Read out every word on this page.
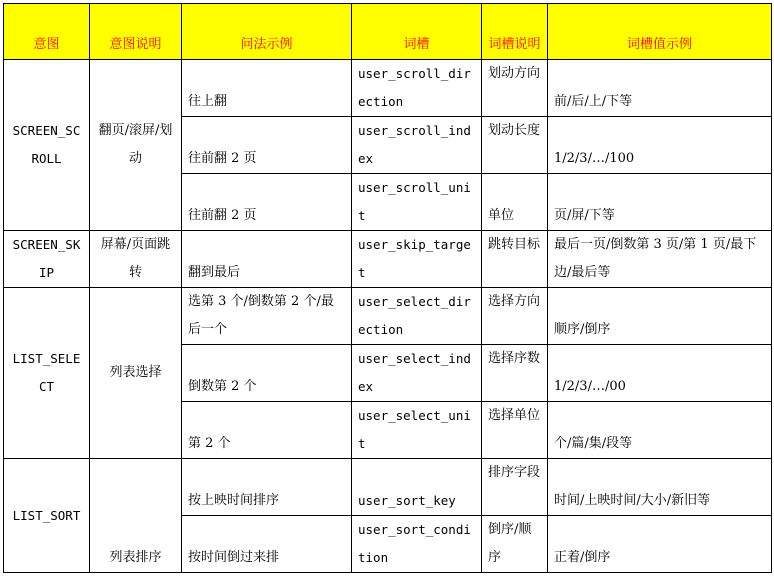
意图	意图说明	问法示例	词槽	词槽说明	词槽值示例
SCREEN_SCROLL	翻页/滚屏/划动	往上翻	user_scroll_direction	划动方向	前/后/上/下等
		往前翻 2 页	user_scroll_index	划动长度	1/2/3/…/100
		往前翻 2 页	user_scroll_unit	单位	页/屏/下等
SCREEN_SKIP	屏幕/页面跳转	翻到最后	user_skip_target	跳转目标	最后一页/倒数第 3 页/第 1 页/最下边/最后等
LIST_SELECT	列表选择	选第 3 个/倒数第 2 个/最后一个	user_select_direction	选择方向	顺序/倒序
		倒数第 2 个	user_select_index	选择序数	1/2/3/…/00
		第 2 个	user_select_unit	选择单位	个/篇/集/段等
LIST_SORT	列表排序	按上映时间排序	user_sort_key	排序字段	时间/上映时间/大小/新旧等
		按时间倒过来排	user_sort_condition	倒序/顺序	正着/倒序
